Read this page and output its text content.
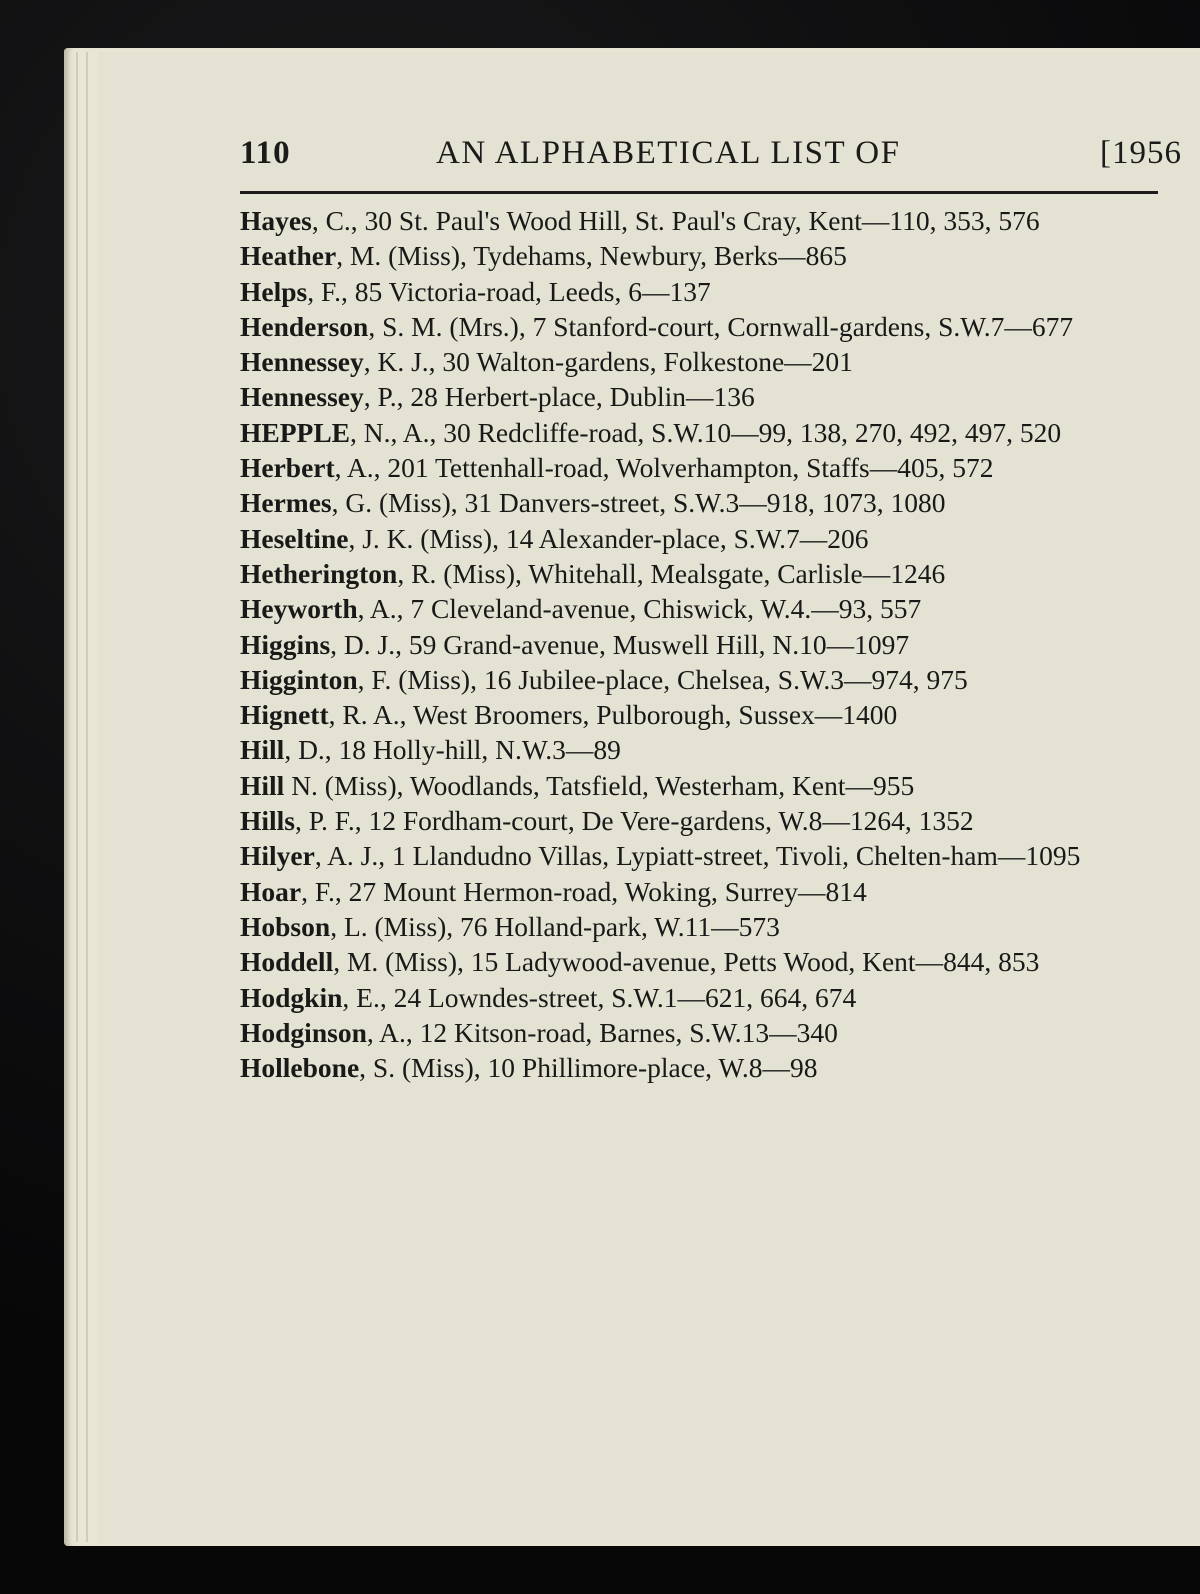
110	AN ALPHABETICAL LIST OF	[1956
Hayes, C., 30 St. Paul's Wood Hill, St. Paul's Cray, Kent—110, 353, 576
Heather, M. (Miss), Tydehams, Newbury, Berks—865
Helps, F., 85 Victoria-road, Leeds, 6—137
Henderson, S. M. (Mrs.), 7 Stanford-court, Cornwall-gardens, S.W.7—677
Hennessey, K. J., 30 Walton-gardens, Folkestone—201
Hennessey, P., 28 Herbert-place, Dublin—136
HEPPLE, N., A., 30 Redcliffe-road, S.W.10—99, 138, 270, 492, 497, 520
Herbert, A., 201 Tettenhall-road, Wolverhampton, Staffs—405, 572
Hermes, G. (Miss), 31 Danvers-street, S.W.3—918, 1073, 1080
Heseltine, J. K. (Miss), 14 Alexander-place, S.W.7—206
Hetherington, R. (Miss), Whitehall, Mealsgate, Carlisle—1246
Heyworth, A., 7 Cleveland-avenue, Chiswick, W.4.—93, 557
Higgins, D. J., 59 Grand-avenue, Muswell Hill, N.10—1097
Higginton, F. (Miss), 16 Jubilee-place, Chelsea, S.W.3—974, 975
Hignett, R. A., West Broomers, Pulborough, Sussex—1400
Hill, D., 18 Holly-hill, N.W.3—89
Hill N. (Miss), Woodlands, Tatsfield, Westerham, Kent—955
Hills, P. F., 12 Fordham-court, De Vere-gardens, W.8—1264, 1352
Hilyer, A. J., 1 Llandudno Villas, Lypiatt-street, Tivoli, Chelten-ham—1095
Hoar, F., 27 Mount Hermon-road, Woking, Surrey—814
Hobson, L. (Miss), 76 Holland-park, W.11—573
Hoddell, M. (Miss), 15 Ladywood-avenue, Petts Wood, Kent—844, 853
Hodgkin, E., 24 Lowndes-street, S.W.1—621, 664, 674
Hodginson, A., 12 Kitson-road, Barnes, S.W.13—340
Hollebone, S. (Miss), 10 Phillimore-place, W.8—98
